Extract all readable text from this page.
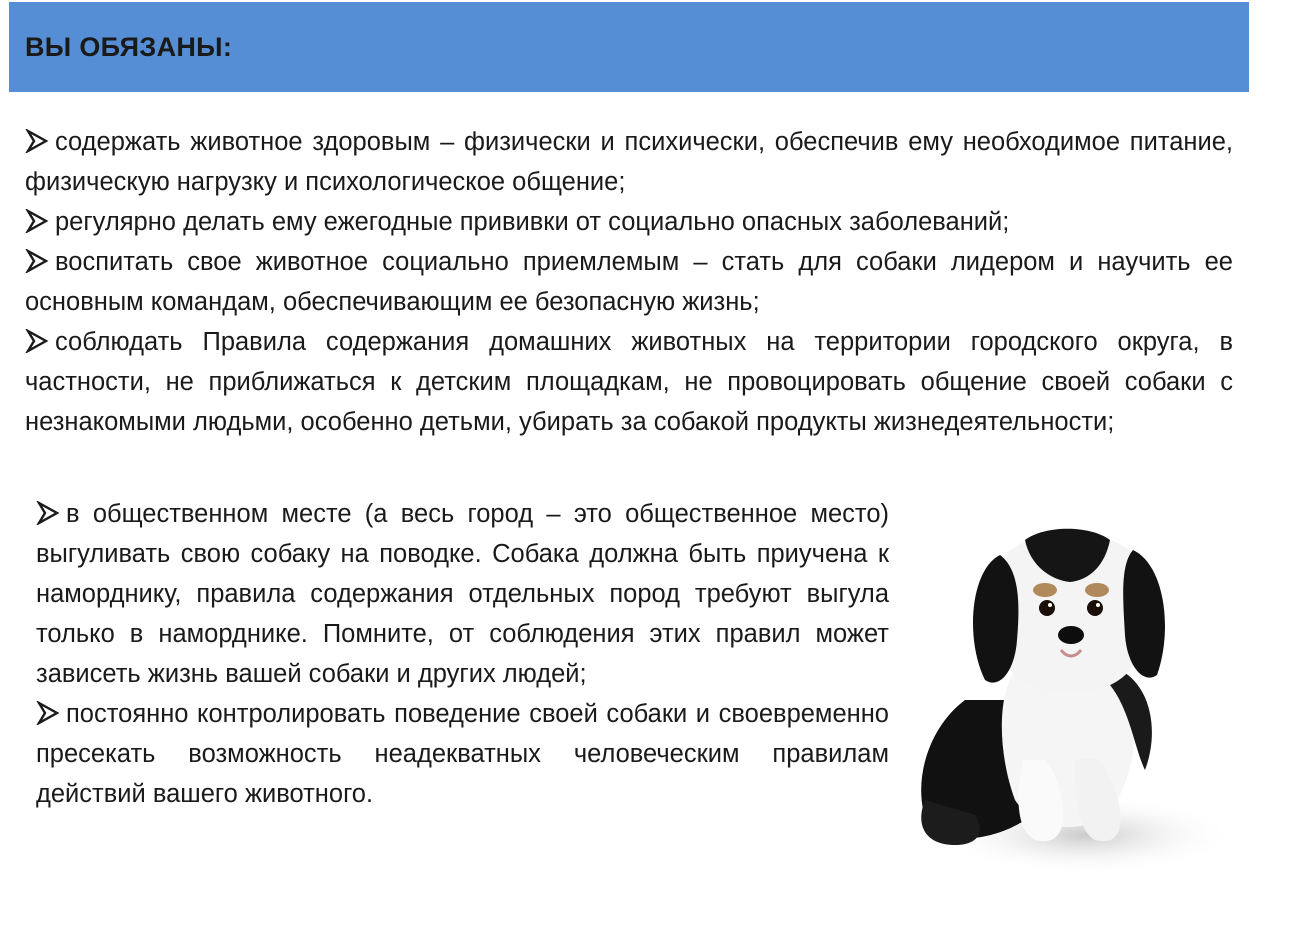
ВЫ ОБЯЗАНЫ:
содержать животное здоровым – физически и психически, обеспечив ему необходимое питание, физическую нагрузку и психологическое общение;
регулярно делать ему ежегодные прививки от социально опасных заболеваний;
воспитать свое животное социально приемлемым – стать для собаки лидером и научить ее основным командам, обеспечивающим ее безопасную жизнь;
соблюдать Правила содержания домашних животных на территории городского округа, в частности, не приближаться к детским площадкам, не провоцировать общение своей собаки с незнакомыми людьми, особенно детьми, убирать за собакой продукты жизнедеятельности;
в общественном месте (а весь город – это общественное место) выгуливать свою собаку на поводке. Собака должна быть приучена к наморднику, правила содержания отдельных пород требуют выгула только в наморднике. Помните, от соблюдения этих правил может зависеть жизнь вашей собаки и других людей;
постоянно контролировать поведение своей собаки и своевременно пресекать возможность неадекватных человеческим правилам действий вашего животного.
